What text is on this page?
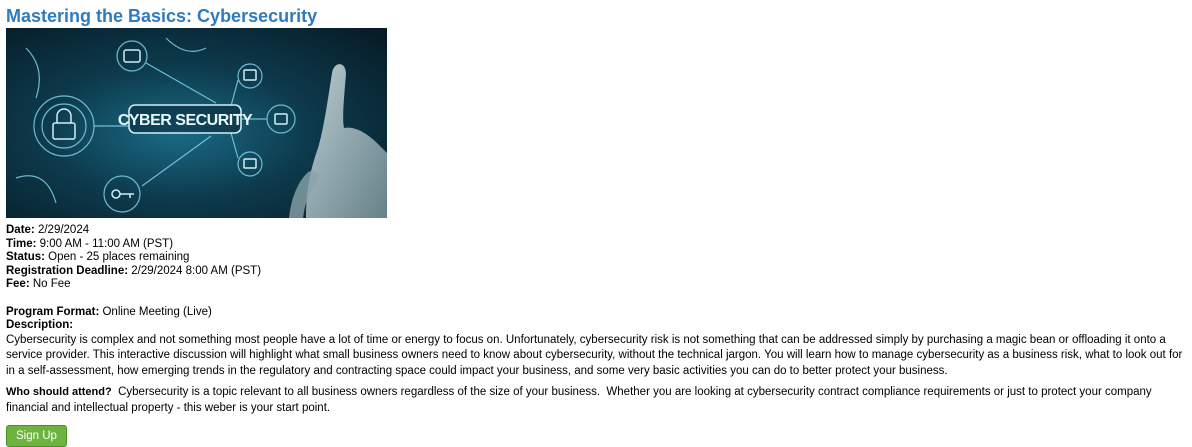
Mastering the Basics: Cybersecurity
CYBER SECURITY
Date: 2/29/2024
Time: 9:00 AM - 11:00 AM (PST)
Status: Open - 25 places remaining
Registration Deadline: 2/29/2024 8:00 AM (PST)
Fee: No Fee
Program Format: Online Meeting (Live)
Description:
Cybersecurity is complex and not something most people have a lot of time or energy to focus on. Unfortunately, cybersecurity risk is not something that can be addressed simply by purchasing a magic bean or offloading it onto a service provider. This interactive discussion will highlight what small business owners need to know about cybersecurity, without the technical jargon. You will learn how to manage cybersecurity as a business risk, what to look out for in a self-assessment, how emerging trends in the regulatory and contracting space could impact your business, and some very basic activities you can do to better protect your business.
Who should attend?  Cybersecurity is a topic relevant to all business owners regardless of the size of your business.  Whether you are looking at cybersecurity contract compliance requirements or just to protect your company financial and intellectual property - this weber is your start point.
Sign Up
